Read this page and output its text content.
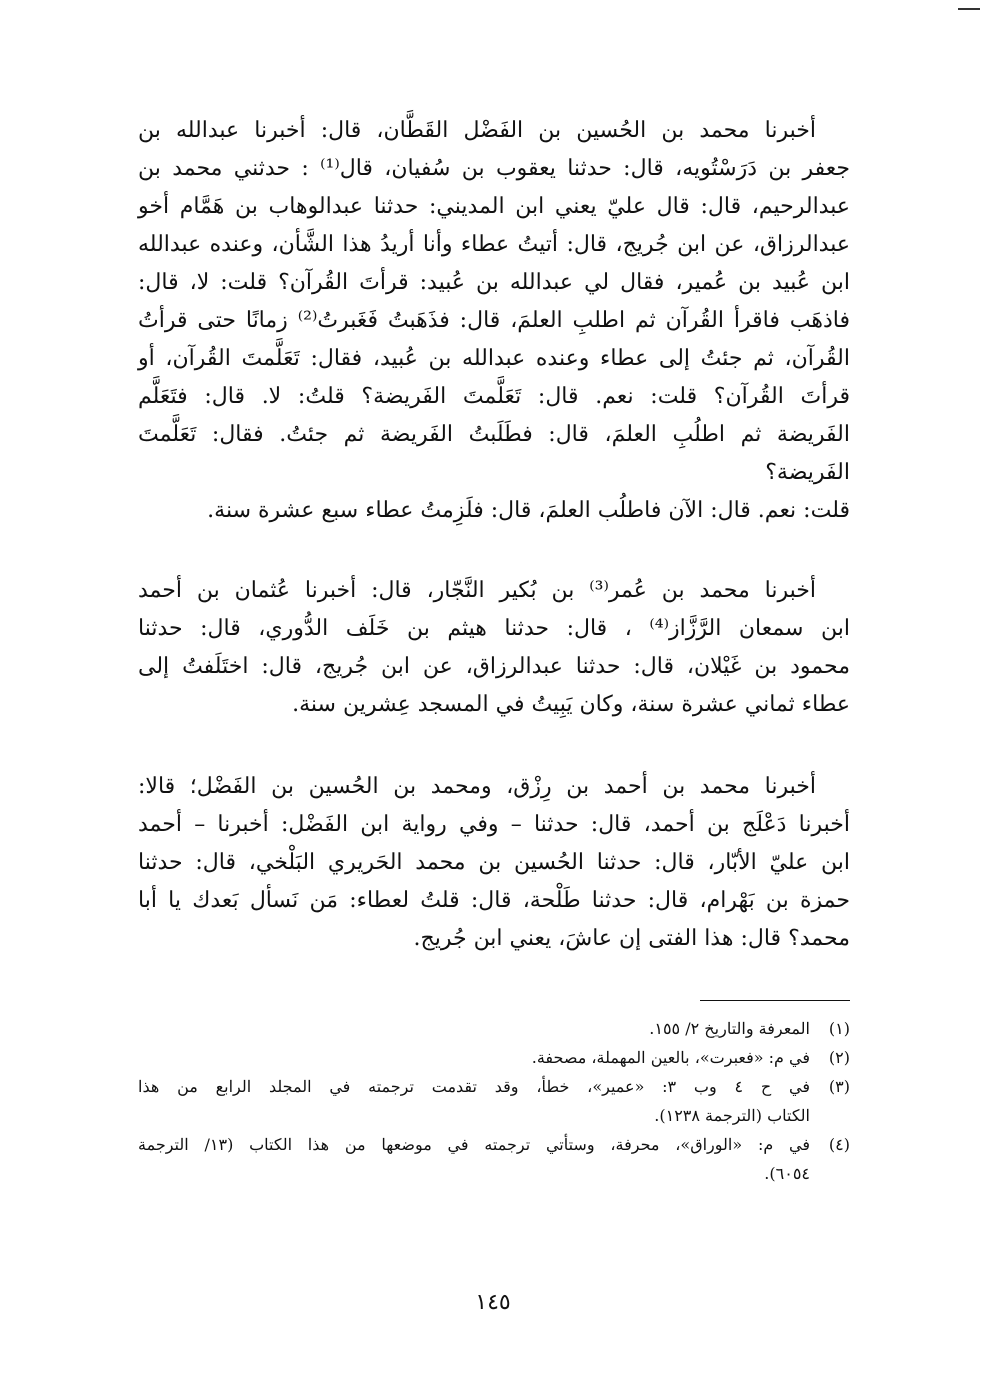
أخبرنا محمد بن الحُسين بن الفَضْل القَطَّان، قال: أخبرنا عبدالله بن
جعفر بن دَرَسْتُويه، قال: حدثنا يعقوب بن سُفيان، قال⁽¹⁾ : حدثني محمد بن
عبدالرحيم، قال: قال عليّ يعني ابن المديني: حدثنا عبدالوهاب بن هَمَّام أخو
عبدالرزاق، عن ابن جُريج، قال: أتيتُ عطاء وأنا أريدُ هذا الشَّأن، وعنده عبدالله
ابن عُبيد بن عُمير، فقال لي عبدالله بن عُبيد: قرأتَ القُرآن؟ قلت: لا، قال:
فاذهَب فاقرأ القُرآن ثم اطلبِ العلمَ، قال: فذَهَبتُ فَغَبرتُ⁽²⁾ زمانًا حتى قرأتُ
القُرآن، ثم جئتُ إلى عطاء وعنده عبدالله بن عُبيد، فقال: تَعَلَّمتَ القُرآن، أو
قرأتَ القُرآن؟ قلت: نعم. قال: تَعَلَّمتَ الفَريضة؟ قلتُ: لا. قال: فتَعَلَّم
الفَريضة ثم اطلُبِ العلمَ، قال: فطَلَبتُ الفَريضة ثم جئتُ. فقال: تَعَلَّمتَ الفَريضة؟
قلت: نعم. قال: الآن فاطلُب العلمَ، قال: فلَزِمتُ عطاء سبع عشرة سنة.

أخبرنا محمد بن عُمر⁽³⁾ بن بُكير النَّجّار، قال: أخبرنا عُثمان بن أحمد
ابن سمعان الرَّزَّاز⁽⁴⁾ ، قال: حدثنا هيثم بن خَلَف الدُّوري، قال: حدثنا
محمود بن غَيْلان، قال: حدثنا عبدالرزاق، عن ابن جُريج، قال: اختَلَفتُ إلى
عطاء ثماني عشرة سنة، وكان يَبِيتُ في المسجد عِشرين سنة.

أخبرنا محمد بن أحمد بن رِزْق، ومحمد بن الحُسين بن الفَضْل؛ قالا:
أخبرنا دَعْلَج بن أحمد، قال: حدثنا – وفي رواية ابن الفَضْل: أخبرنا – أحمد
ابن عليّ الأبّار، قال: حدثنا الحُسين بن محمد الحَريري البَلْخي، قال: حدثنا
حمزة بن بَهْرام، قال: حدثنا طَلْحة، قال: قلتُ لعطاء: مَن نَسأل بَعدك يا أبا
محمد؟ قال: هذا الفتى إن عاشَ، يعني ابن جُريج.

(١)
المعرفة والتاريخ ٢/ ١٥٥.
(٢)
في م: «فعبرت»، بالعين المهملة، مصحفة.
(٣)
في ح ٤ وب ٣: «عمير»، خطأ، وقد تقدمت ترجمته في المجلد الرابع من هذا
الكتاب (الترجمة ١٢٣٨).
(٤)
في م: «الوراق»، محرفة، وستأتي ترجمته في موضعها من هذا الكتاب (١٣/ الترجمة
٦٠٥٤).
١٤٥
